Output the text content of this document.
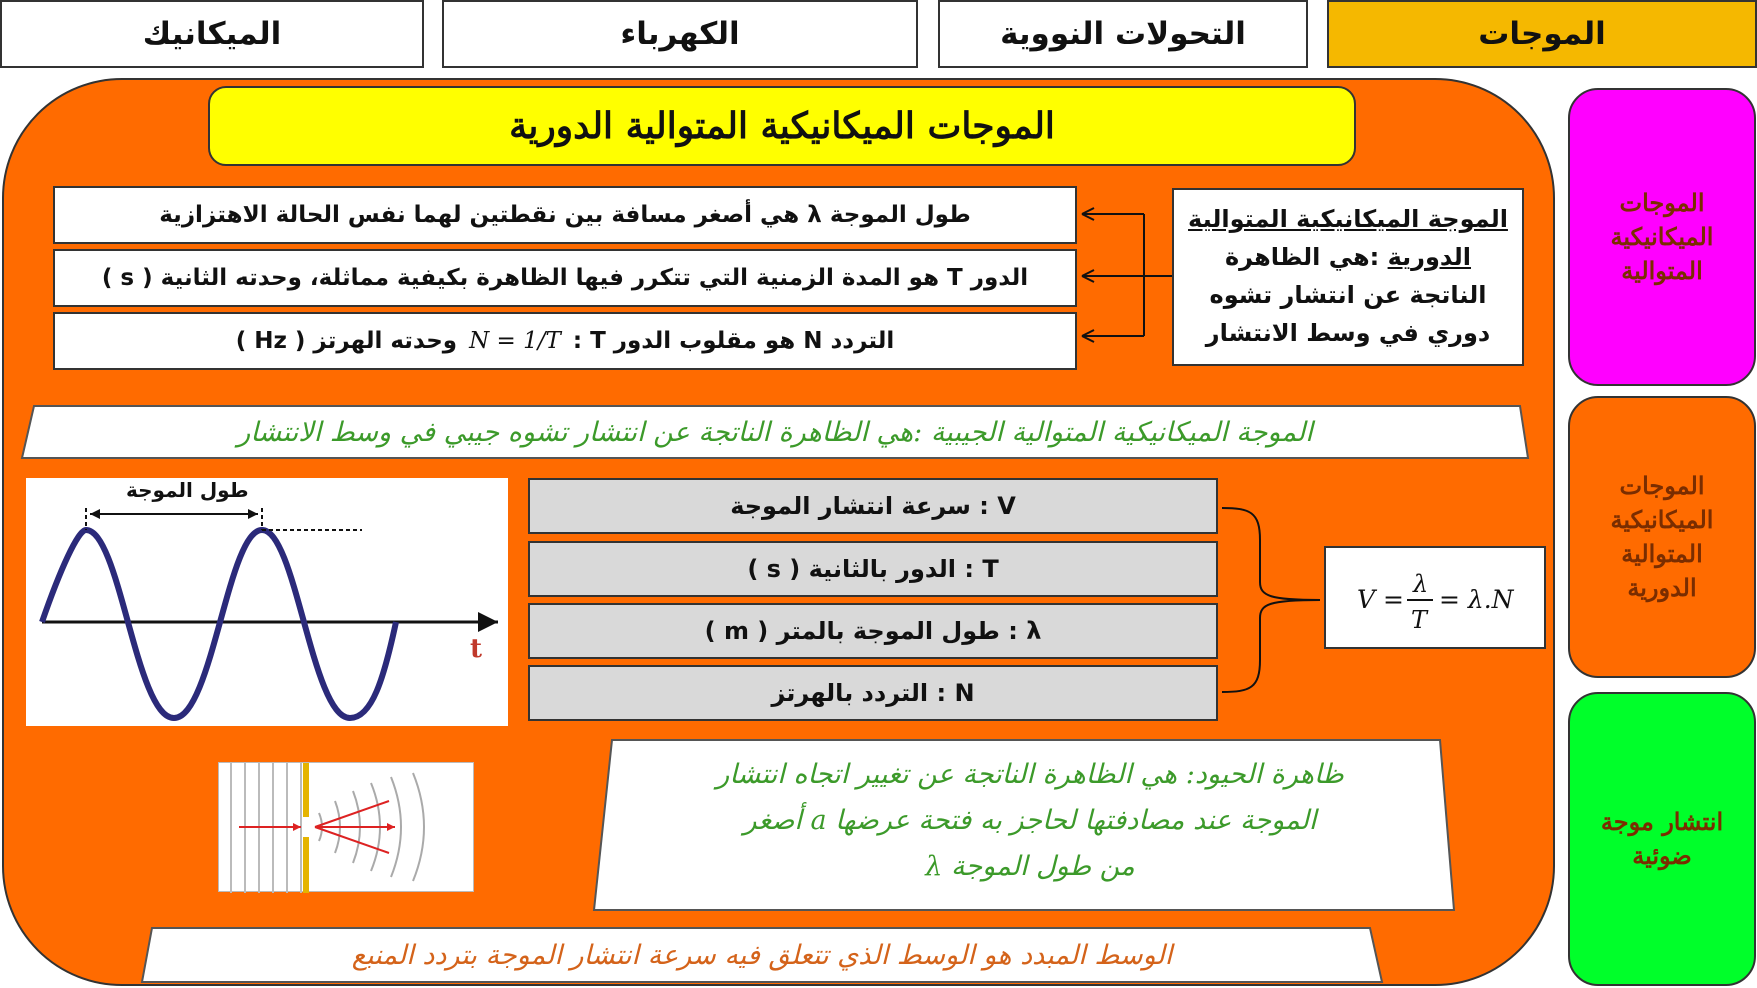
الموجات
التحولات النووية
الكهرباء
الميكانيك
الموجات الميكانيكية المتوالية الدورية
طول الموجة λ هي أصغر مسافة بين نقطتين لهما نفس الحالة الاهتزازية
الدور T هو المدة الزمنية التي تتكرر فيها الظاهرة بكيفية مماثلة، وحدته الثانية ( s )
التردد N هو مقلوب الدور T :
N = 1/T
وحدته الهرتز ( Hz )
الموجة الميكانيكية المتوالية الدورية :هي الظاهرة الناتجة عن انتشار تشوه دوري في وسط الانتشار
الموجة الميكانيكية المتوالية الجيبية :هي الظاهرة الناتجة عن انتشار تشوه جيبي في وسط الانتشار
طول الموجة
t
V : سرعة انتشار الموجة
T : الدور بالثانية ( s )
λ : طول الموجة بالمتر ( m )
N : التردد بالهرتز
V =
λ
T
= λ.N
ظاهرة الحيود: هي الظاهرة الناتجة عن تغيير اتجاه انتشار
الموجة عند مصادفتها لحاجز به فتحة عرضها a أصغر
من طول الموجة λ
الوسط المبدد هو الوسط الذي تتعلق فيه سرعة انتشار الموجة بتردد المنبع
الموجات الميكانيكية المتوالية
الموجات الميكانيكية المتوالية الدورية
انتشار موجة ضوئية
